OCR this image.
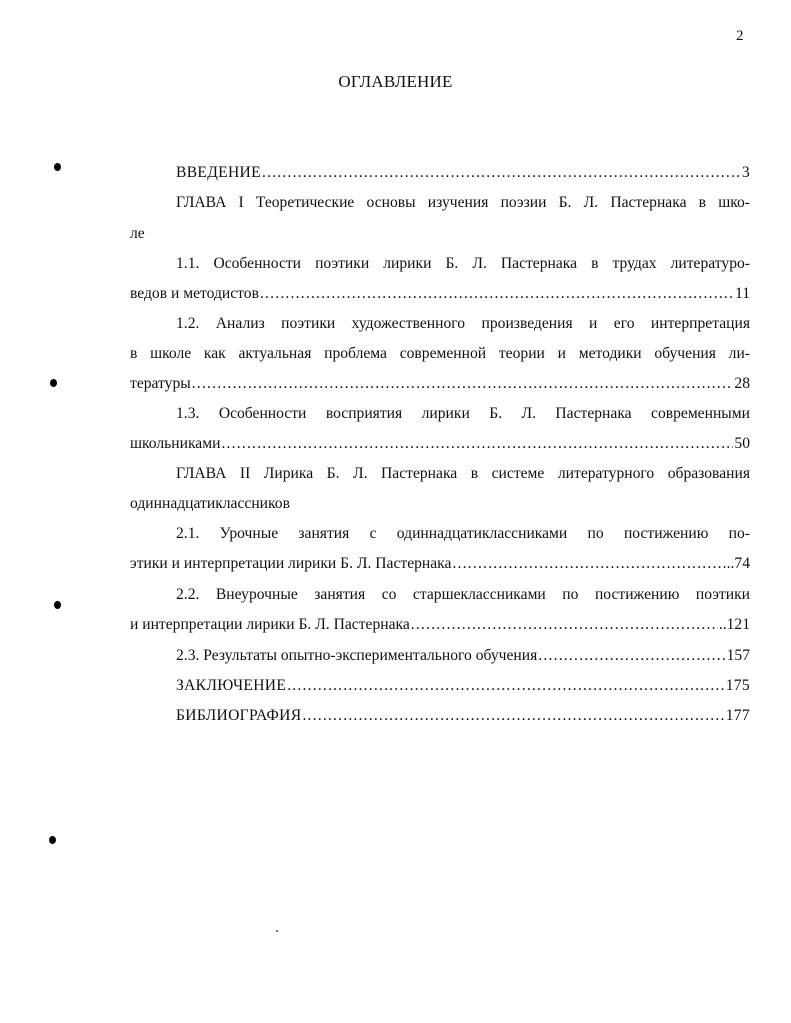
2
ОГЛАВЛЕНИЕ
ВВЕДЕНИЕ .....	3
ГЛАВА I Теоретические основы изучения поэзии Б. Л. Пастернака в шко-
ле
1.1. Особенности поэтики лирики Б. Л. Пастернака в трудах литературо-
ведов и методистов .....	11
1.2. Анализ поэтики художественного произведения и его интерпретация
в школе как актуальная проблема современной теории и методики обучения ли-
тературы .....	28
1.3. Особенности восприятия лирики Б. Л. Пастернака современными
школьниками .....	50
ГЛАВА II Лирика Б. Л. Пастернака в системе литературного образования
одиннадцатиклассников
2.1. Урочные занятия с одиннадцатиклассниками по постижению по-
этики и интерпретации лирики Б. Л. Пастернака .....	..74
2.2. Внеурочные занятия со старшеклассниками по постижению поэтики
и интерпретации лирики Б. Л. Пастернака .....	..121
2.3. Результаты опытно-экспериментального обучения .....	157
ЗАКЛЮЧЕНИЕ .....	175
БИБЛИОГРАФИЯ .....	177
